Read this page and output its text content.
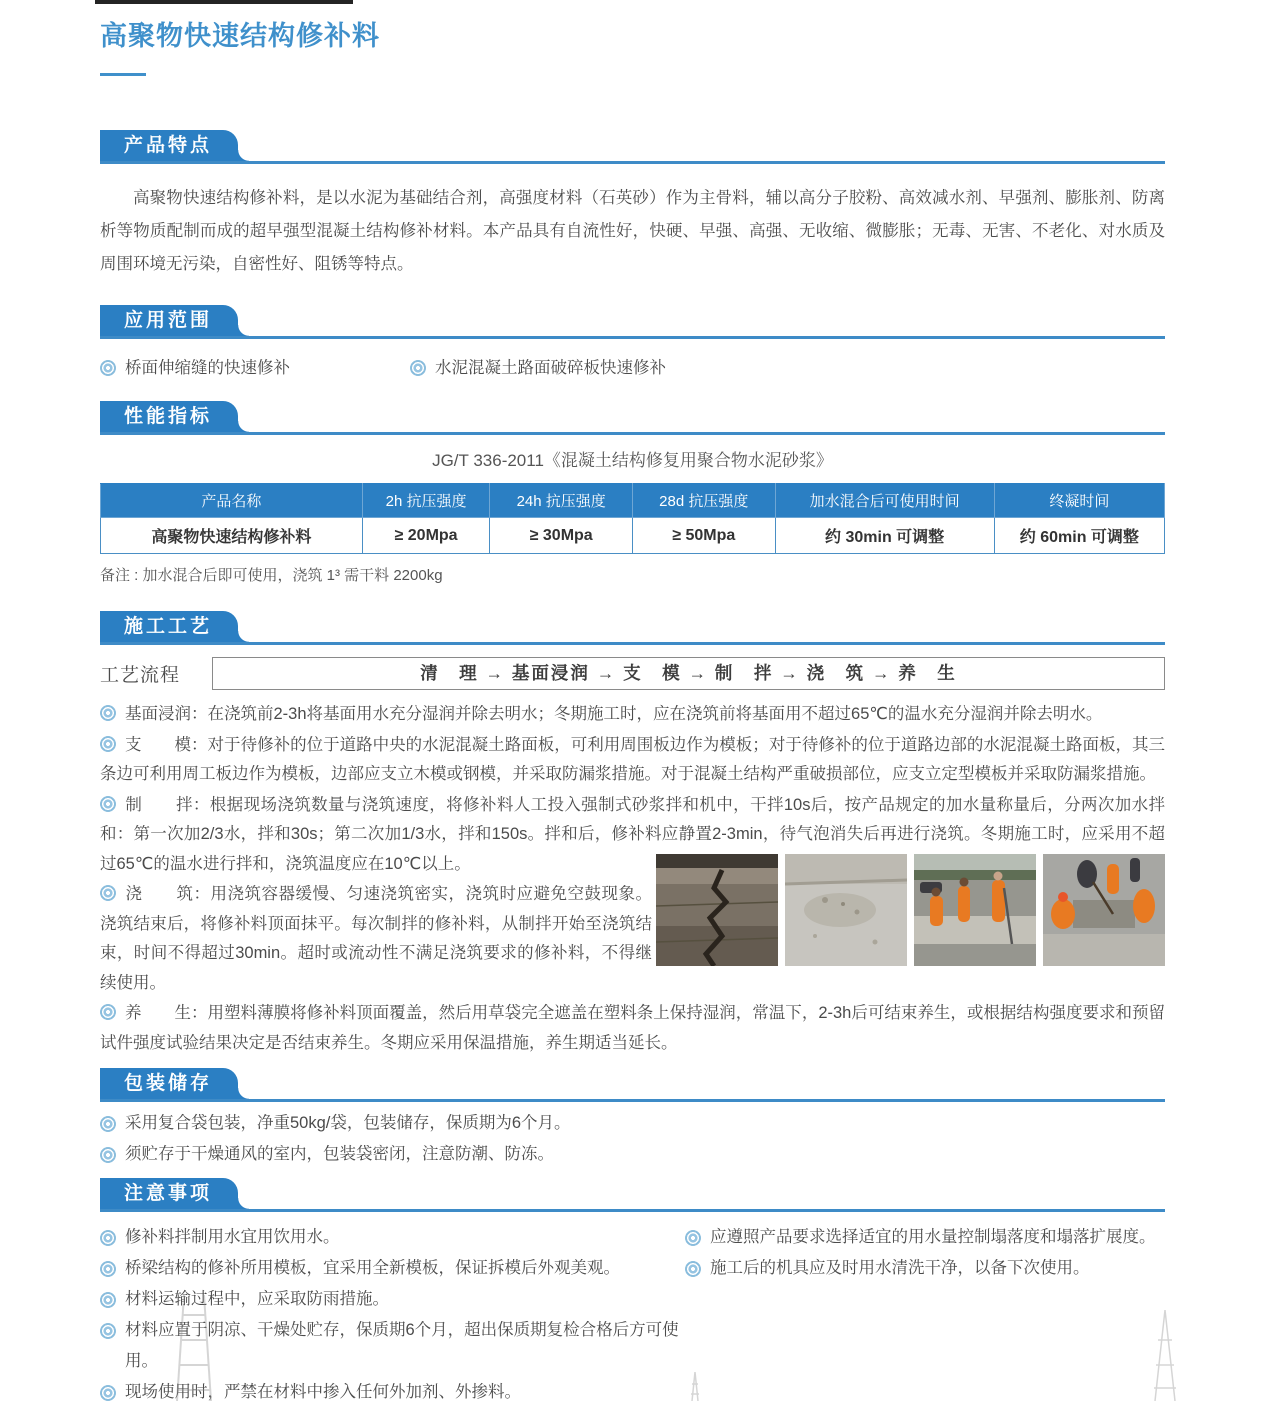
高聚物快速结构修补料
产品特点

高聚物快速结构修补料，是以水泥为基础结合剂，高强度材料（石英砂）作为主骨料，辅以高分子胶粉、高效减水剂、早强剂、膨胀剂、防离析等物质配制而成的超早强型混凝土结构修补材料。本产品具有自流性好，快硬、早强、高强、无收缩、微膨胀；无毒、无害、不老化、对水质及周围环境无污染，自密性好、阻锈等特点。

应用范围
桥面伸缩缝的快速修补	水泥混凝土路面破碎板快速修补
性能指标
JG/T 336-2011《混凝土结构修复用聚合物水泥砂浆》
产品名称	2h 抗压强度	24h 抗压强度	28d 抗压强度	加水混合后可使用时间	终凝时间
高聚物快速结构修补料	≥ 20Mpa	≥ 30Mpa	≥ 50Mpa	约 30min 可调整	约 60min 可调整
备注 : 加水混合后即可使用，浇筑 1³ 需干料 2200kg
施工工艺
工艺流程	清　理 → 基面浸润 → 支　模 → 制　拌 → 浇　筑 → 养　生

基面浸润：在浇筑前2-3h将基面用水充分湿润并除去明水；冬期施工时，应在浇筑前将基面用不超过65℃的温水充分湿润并除去明水。

支　　模：对于待修补的位于道路中央的水泥混凝土路面板，可利用周围板边作为模板；对于待修补的位于道路边部的水泥混凝土路面板，其三条边可利用周工板边作为模板，边部应支立木模或钢模，并采取防漏浆措施。对于混凝土结构严重破损部位，应支立定型模板并采取防漏浆措施。

制　　拌：根据现场浇筑数量与浇筑速度，将修补料人工投入强制式砂浆拌和机中，干拌10s后，按产品规定的加水量称量后，分两次加水拌和：第一次加2/3水，拌和30s；第二次加1/3水，拌和150s。拌和后，修补料应静置2-3min，待气泡消失后再进行浇筑。冬期施工时，应采用不超过65℃的温水进行拌和，浇筑温度应在10℃以上。

浇　　筑：用浇筑容器缓慢、匀速浇筑密实，浇筑时应避免空鼓现象。浇筑结束后，将修补料顶面抹平。每次制拌的修补料，从制拌开始至浇筑结束，时间不得超过30min。超时或流动性不满足浇筑要求的修补料，不得继续使用。

养　　生：用塑料薄膜将修补料顶面覆盖，然后用草袋完全遮盖在塑料条上保持湿润，常温下，2-3h后可结束养生，或根据结构强度要求和预留试件强度试验结果决定是否结束养生。冬期应采用保温措施，养生期适当延长。

包装储存

采用复合袋包装，净重50kg/袋，包装储存，保质期为6个月。

须贮存于干燥通风的室内，包装袋密闭，注意防潮、防冻。

注意事项

修补料拌制用水宜用饮用水。

桥梁结构的修补所用模板，宜采用全新模板，保证拆模后外观美观。

材料运输过程中，应采取防雨措施。

材料应置于阴凉、干燥处贮存，保质期6个月，超出保质期复检合格后方可使用。

现场使用时，严禁在材料中掺入任何外加剂、外掺料。

应遵照产品要求选择适宜的用水量控制塌落度和塌落扩展度。

施工后的机具应及时用水清洗干净，以备下次使用。
